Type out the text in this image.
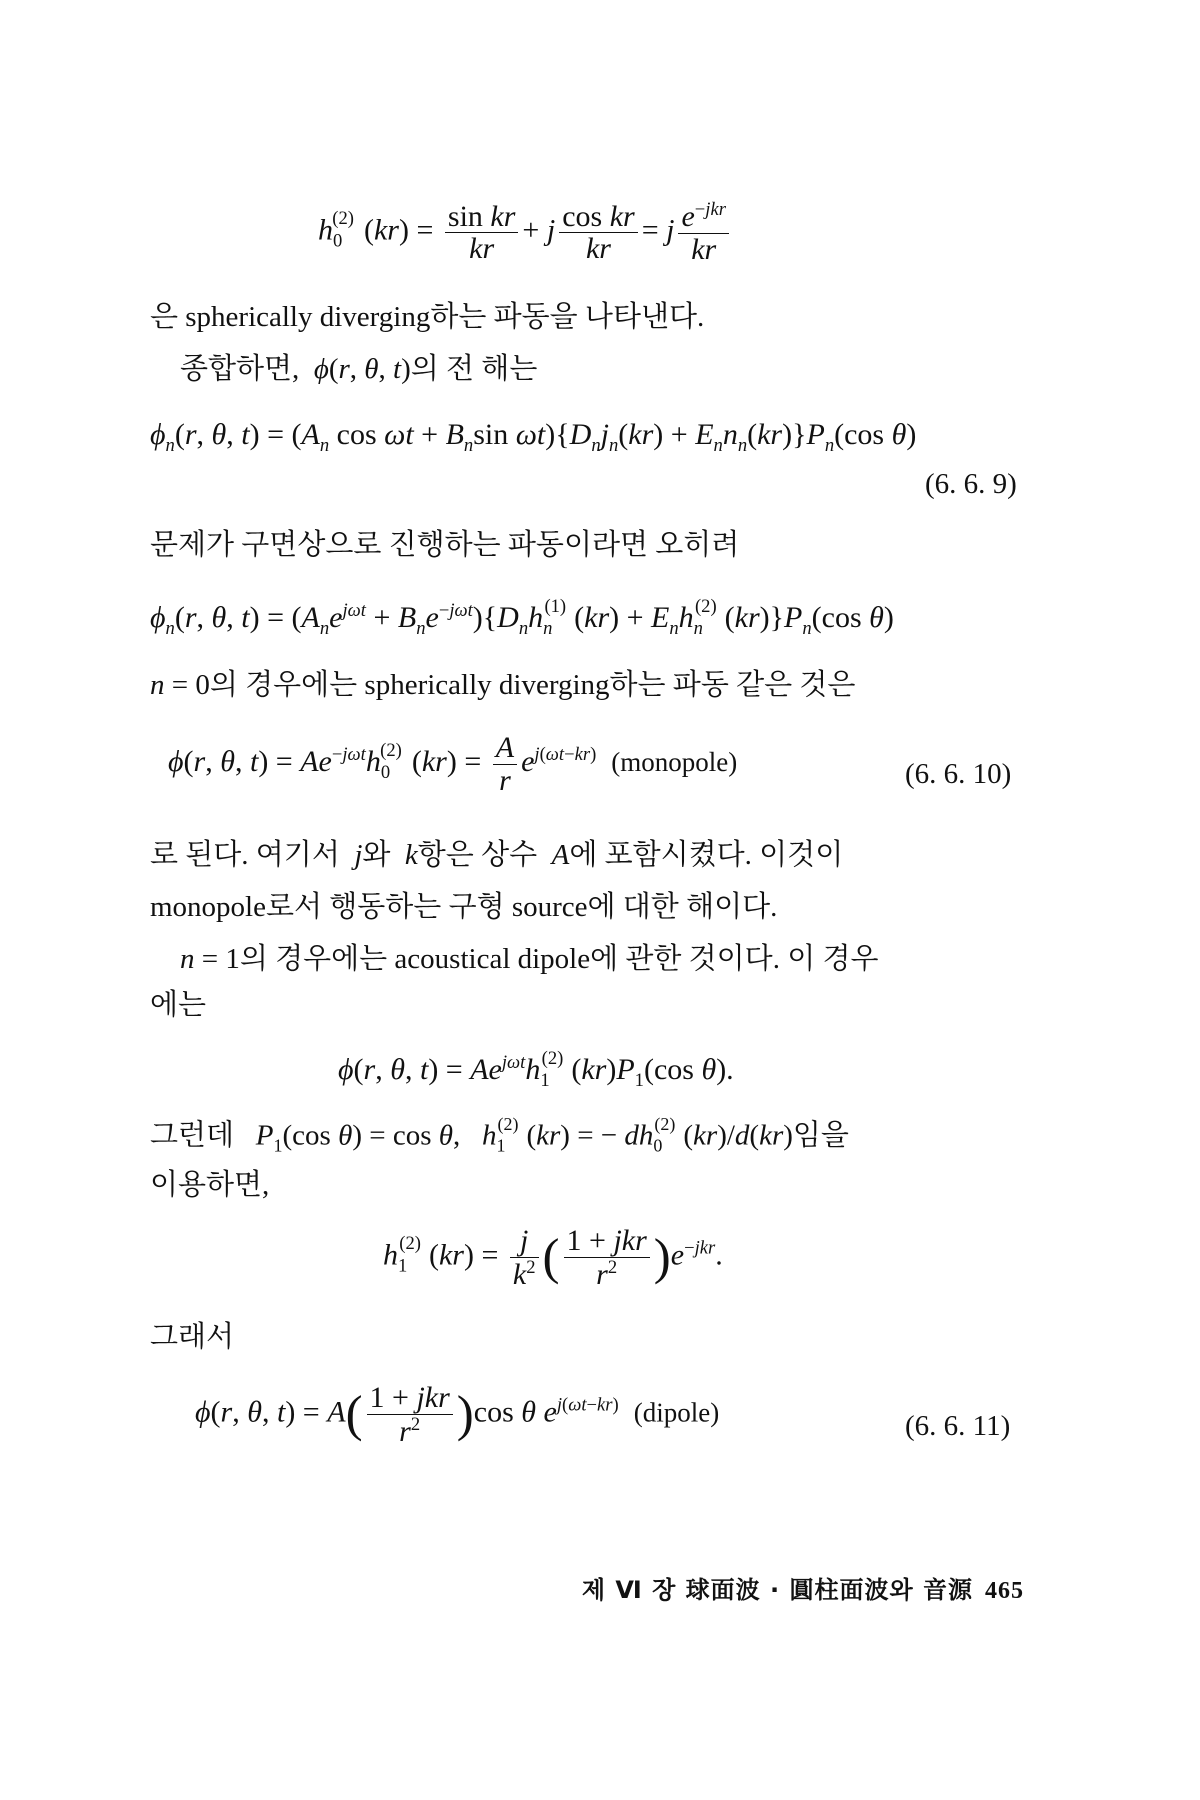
$h_0^{(2)}$ $(kr) = \frac{\text{sin kr}}{kr} + j \frac{\text{cos kr}}{kr} = j \frac{e^{-jkr}}{kr}$
은 spherically diverging하는 파동을 나타낸다.
종합하면,  ϕ(r, θ, t)의 전 해는
$\phi_n(r$, θ, $t) = (A_n$ $\cos \omega t + B_n\sin$ $\omega t)\{D_nj_n(kr) + E_nn_n(kr)\}P_n(\cos$ θ)
(6. 6. 9)
문제가 구면상으로 진행하는 파동이라면 오히려
$\phi_n(r$, θ, $t) = (A_ne^{j\omega t} + B_ne^{-j\omega t})\{D_nh_n^{(1)}$ $(kr) + E_nh_n^{(2)}$ $(kr)\}P_n(\cos$ θ)
n = 0의 경우에는 spherically diverging하는 파동 같은 것은
ϕ(r, θ, $t) = Ae^{-j\omega t}h_0^{(2)}$ $(kr) = \frac{A}{r} e^{j(\omega t-kr)}$ (monopole)	(6. 6. 10)
로 된다. 여기서  j와  k항은 상수  A에 포함시켰다. 이것이
monopole로서 행동하는 구형 source에 대한 해이다.
n = 1의 경우에는 acoustical dipole에 관한 것이다. 이 경우
에는
ϕ(r, θ, $t) = Ae^{j\omega t}h_1^{(2)}$ $(kr)P_1(\cos$ θ).
그런데 $P_1(\cos$ θ) = cos θ,   $h_1^{(2)}$ (kr) = − $dh_0^{(2)}$ (kr)/d(kr)임을
이용하면,
$h_1^{(2)}$ $(kr) = \frac{j}{k^2}$ ( $\frac{\text{1 + jkr}}{r^2} )e^{-jkr}$.
그래서
ϕ(r, θ, $t) = A( \frac{\text{1 + jkr}}{r^2} )\cos$ θ $e^{j(\omega t-kr)}$ (dipole)	(6. 6. 11)
제 Ⅵ 장 球面波 · 圓柱面波와 音源 465
